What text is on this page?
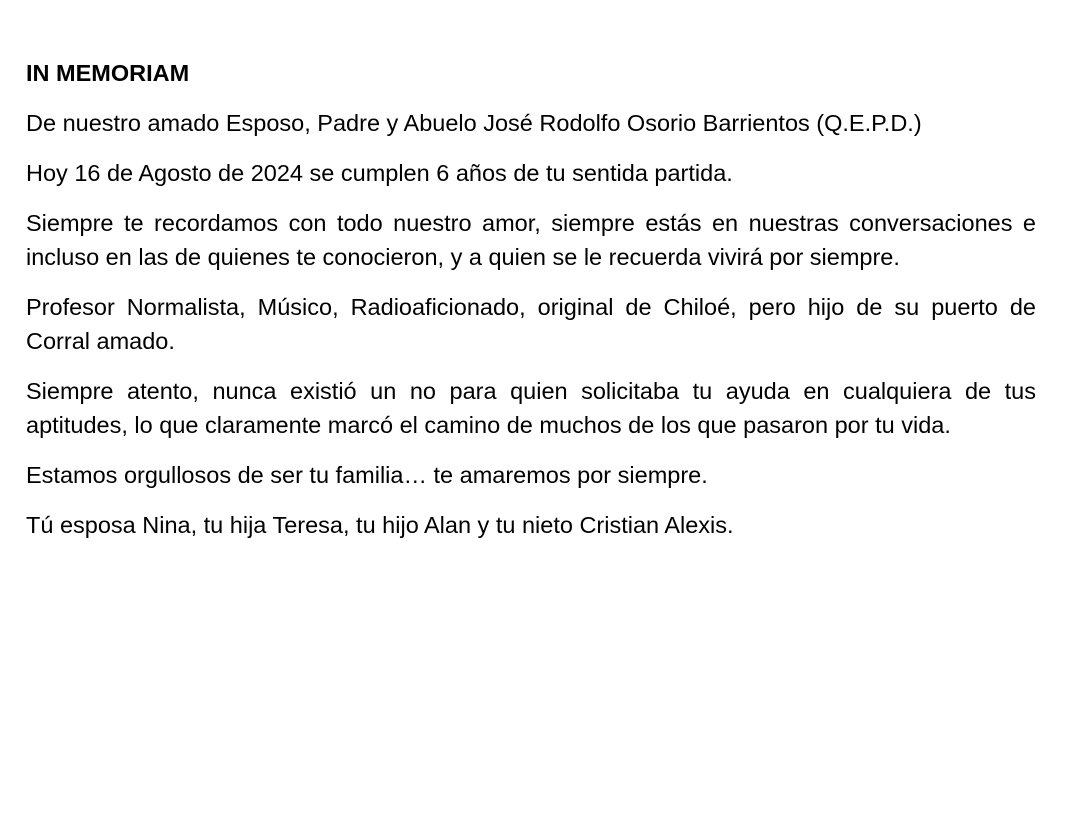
IN MEMORIAM

De nuestro amado Esposo, Padre y Abuelo José Rodolfo Osorio Barrientos (Q.E.P.D.)

Hoy 16 de Agosto de 2024 se cumplen 6 años de tu sentida partida.

Siempre te recordamos con todo nuestro amor, siempre estás en nuestras conversaciones e incluso en las de quienes te conocieron, y a quien se le recuerda vivirá por siempre.

Profesor Normalista, Músico, Radioaficionado, original de Chiloé, pero hijo de su puerto de Corral amado.

Siempre atento, nunca existió un no para quien solicitaba tu ayuda en cualquiera de tus aptitudes, lo que claramente marcó el camino de muchos de los que pasaron por tu vida.

Estamos orgullosos de ser tu familia… te amaremos por siempre.

Tú esposa Nina, tu hija Teresa, tu hijo Alan y tu nieto Cristian Alexis.
